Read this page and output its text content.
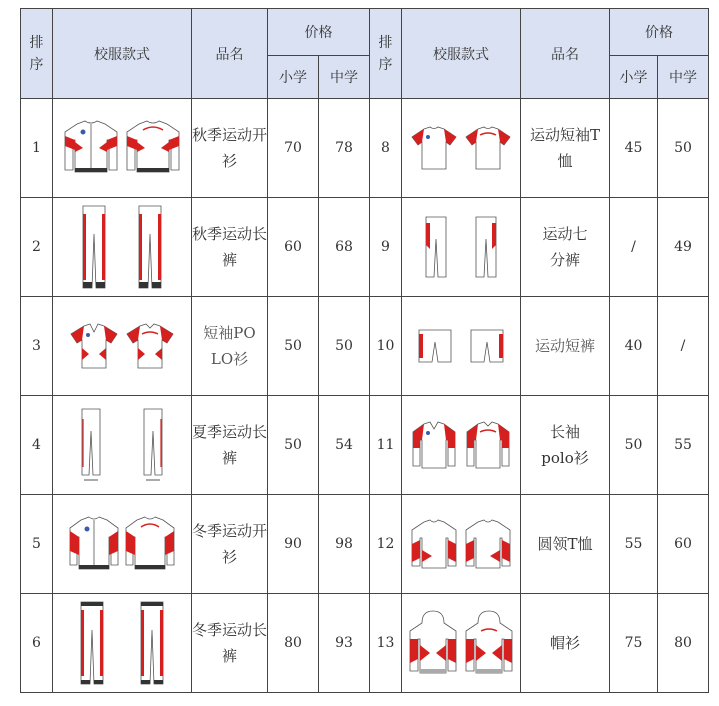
排序	校服款式	品名	价格		排序	校服款式	品名	价格	
			小学	中学				小学	中学
1		秋季运动开衫	70	78	8		运动短袖T恤	45	50
2		秋季运动长裤	60	68	9		运动七分裤	/	49
3		短袖POLO衫	50	50	10		运动短裤	40	/
4		夏季运动长裤	50	54	11		长袖polo衫	50	55
5		冬季运动开衫	90	98	12		圆领T恤	55	60
6		冬季运动长裤	80	93	13		帽衫	75	80
